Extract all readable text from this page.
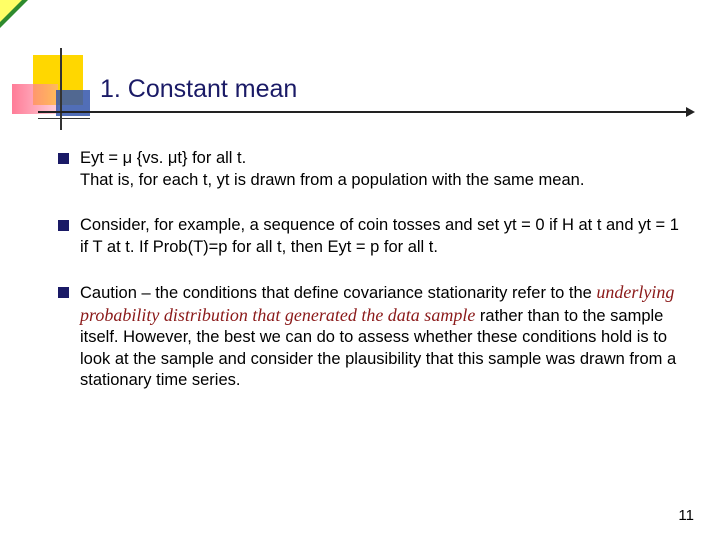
1. Constant mean
Eyt = μ {vs. μt} for all t.
That is, for each t, yt is drawn from a population with the same mean.
Consider, for example, a sequence of coin tosses and set yt = 0 if H at t and yt = 1 if T at t. If Prob(T)=p for all t, then Eyt = p for all t.
Caution – the conditions that define covariance stationarity refer to the underlying probability distribution that generated the data sample rather than to the sample itself. However, the best we can do to assess whether these conditions hold is to look at the sample and consider the plausibility that this sample was drawn from a stationary time series.
11
